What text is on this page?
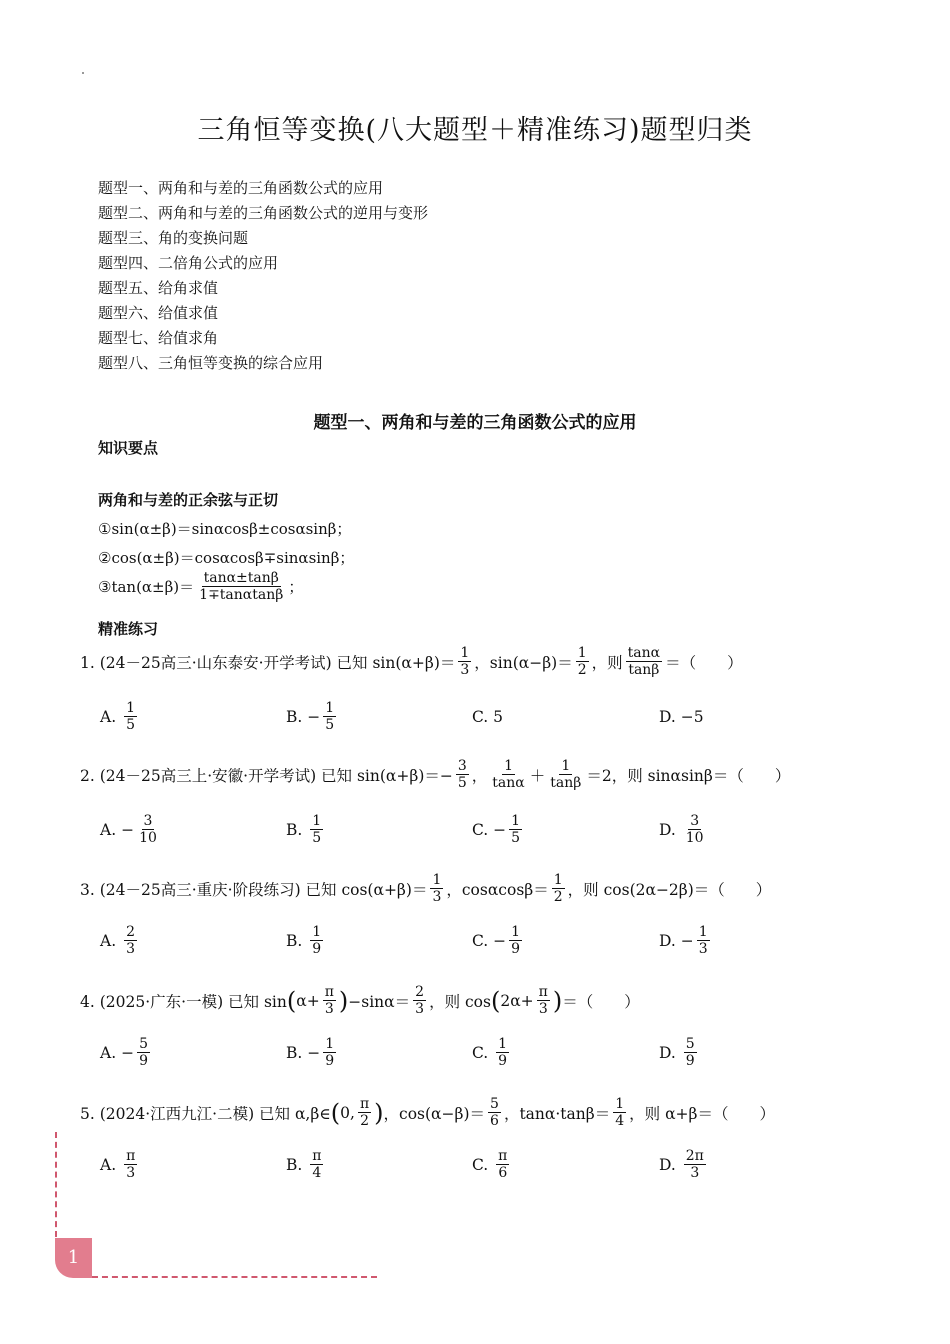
三角恒等变换(八大题型＋精准练习)题型归类
题型一、两角和与差的三角函数公式的应用
题型二、两角和与差的三角函数公式的逆用与变形
题型三、角的变换问题
题型四、二倍角公式的应用
题型五、给角求值
题型六、给值求值
题型七、给值求角
题型八、三角恒等变换的综合应用
题型一、两角和与差的三角函数公式的应用
知识要点
两角和与差的正余弦与正切
①sin(α±β)＝sinαcosβ±cosαsinβ；
②cos(α±β)＝cosαcosβ∓sinαsinβ；
③tan(α±β)＝ $\frac{\tan\alpha\pm\tan\beta}{1\mp\tan\alpha\tan\beta}$ ；
精准练习
1. (24－25高三·山东泰安·开学考试) 已知 $\sin(\alpha+\beta)= \frac{1}{3}$ ，$\sin(\alpha-\beta)= \frac{1}{2}$ ，则 $\frac{\tan\alpha}{\tan\beta}$ ＝（　　）
A.
$\frac{1}{5}$	B.
− $\frac{1}{5}$	C.
5	D.
−5
2. (24－25高三上·安徽·开学考试) 已知 $\sin(\alpha+\beta)=- \frac{3}{5}$ ， $\frac{1}{\tan\alpha} + \frac{1}{\tan\beta} =2$，则 sinαsinβ＝（　　）
A.
− $\frac{3}{10}$	B.
$\frac{1}{5}$	C.
− $\frac{1}{5}$	D.
$\frac{3}{10}$
3. (24－25高三·重庆·阶段练习) 已知 $\cos(\alpha+\beta)= \frac{1}{3}$ ，$\cos\alpha\cos\beta= \frac{1}{2}$ ，则 cos(2α−2β)＝（　　）
A.
$\frac{2}{3}$	B.
$\frac{1}{9}$	C.
− $\frac{1}{9}$	D.
− $\frac{1}{3}$
4. (2025·广东·一模) 已知 sin ( $\alpha+ \frac{\pi}{3}$ ) $-\sin\alpha= \frac{2}{3}$ ，则 cos ( $2\alpha+ \frac{\pi}{3}$ ) ＝（　　）
A.
− $\frac{5}{9}$	B.
− $\frac{1}{9}$	C.
$\frac{1}{9}$	D.
$\frac{5}{9}$
5. (2024·江西九江·二模) 已知 α,β∈ ( 0, $\frac{\pi}{2}$ ) ，$\cos(\alpha-\beta)= \frac{5}{6}$ ，$\tan\alpha\cdot\tan\beta= \frac{1}{4}$ ，则 α+β＝（　　）
A.
$\frac{\pi}{3}$	B.
$\frac{\pi}{4}$	C.
$\frac{\pi}{6}$	D.
$\frac{2\pi}{3}$
1
